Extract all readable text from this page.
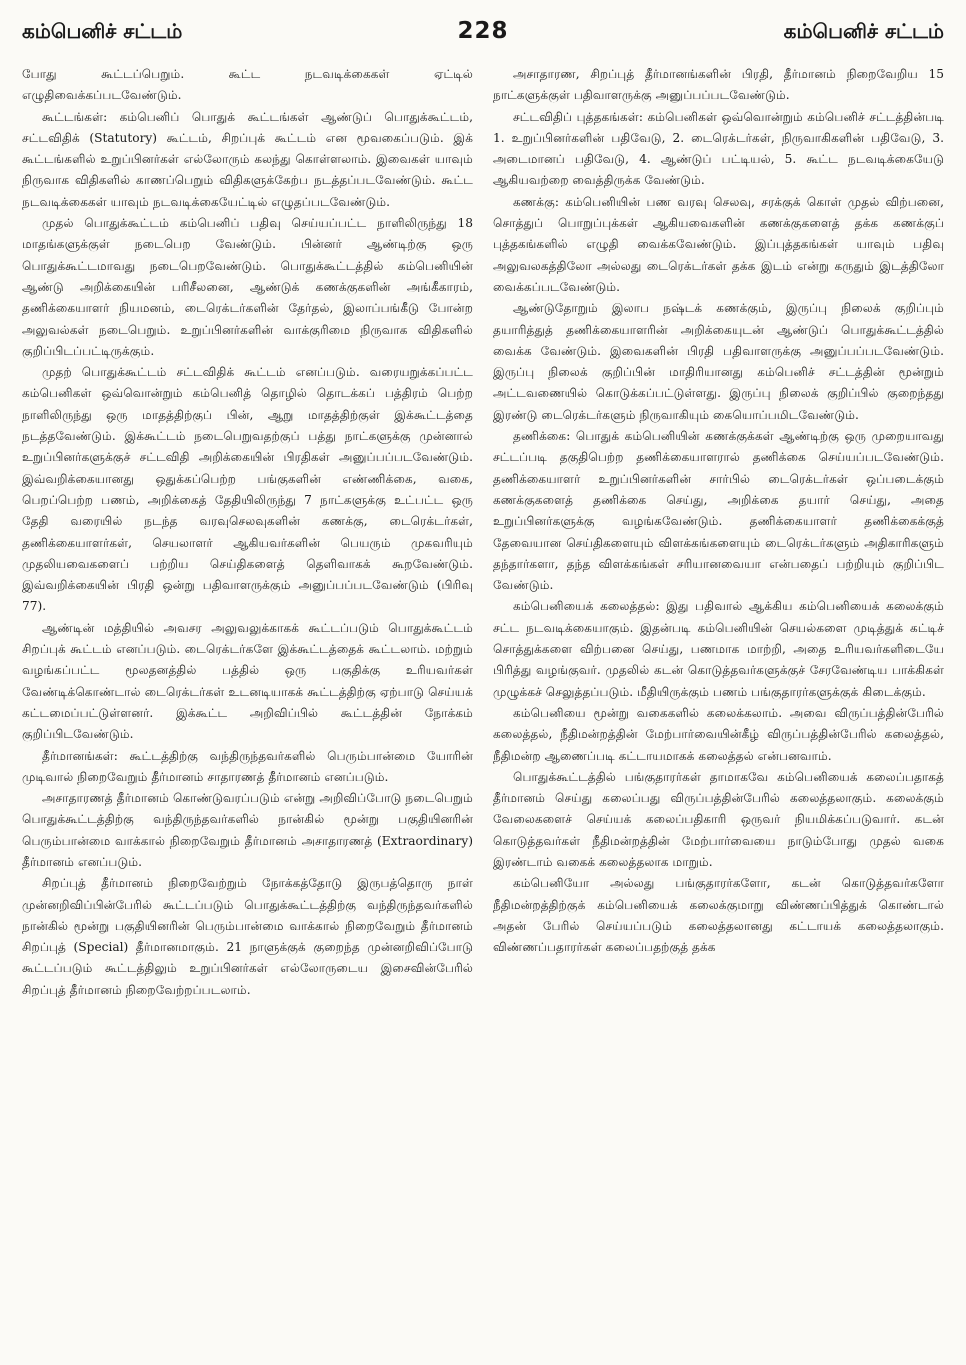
கம்பெனிச் சட்டம்	228	கம்பெனிச் சட்டம்

போது கூட்டப்பெறும். கூட்ட நடவடிக்கைகள் ஏட்டில் எழுதிவைக்கப்படவேண்டும்.

கூட்டங்கள்: கம்பெனிப் பொதுக் கூட்டங்கள் ஆண்டுப் பொதுக்கூட்டம், சட்டவிதிக் (Statutory) கூட்டம், சிறப்புக் கூட்டம் என மூவகைப்படும். இக் கூட்டங்களில் உறுப்பினர்கள் எல்லோரும் கலந்து கொள்ளலாம். இவைகள் யாவும் நிருவாக விதிகளில் காணப்பெறும் விதிகளுக்கேற்ப நடத்தப்படவேண்டும். கூட்ட நடவடிக்கைகள் யாவும் நடவடிக்கையேட்டில் எழுதப்படவேண்டும்.

முதல் பொதுக்கூட்டம் கம்பெனிப் பதிவு செய்யப்பட்ட நாளிலிருந்து 18 மாதங்களுக்குள் நடைபெற வேண்டும். பின்னர் ஆண்டிற்கு ஒரு பொதுக்கூட்டமாவது நடைபெறவேண்டும். பொதுக்கூட்டத்தில் கம்பெனியின் ஆண்டு அறிக்கையின் பரிசீலனை, ஆண்டுக் கணக்குகளின் அங்கீகாரம், தணிக்கையாளர் நியமனம், டைரெக்டர்களின் தேர்தல், இலாப்பங்கீடு போன்ற அலுவல்கள் நடைபெறும். உறுப்பினர்களின் வாக்குரிமை நிருவாக விதிகளில் குறிப்பிடப்பட்டிருக்கும்.

முதற் பொதுக்கூட்டம் சட்டவிதிக் கூட்டம் எனப்படும். வரையறுக்கப்பட்ட கம்பெனிகள் ஒவ்வொன்றும் கம்பெனித் தொழில் தொடக்கப் பத்திரம் பெற்ற நாளிலிருந்து ஒரு மாதத்திற்குப் பின், ஆறு மாதத்திற்குள் இக்கூட்டத்தை நடத்தவேண்டும். இக்கூட்டம் நடைபெறுவதற்குப் பத்து நாட்களுக்கு முன்னால் உறுப்பினர்களுக்குச் சட்டவிதி அறிக்கையின் பிரதிகள் அனுப்பப்படவேண்டும். இவ்வறிக்கையானது ஒதுக்கப்பெற்ற பங்குகளின் எண்ணிக்கை, வகை, பெறப்பெற்ற பணம், அறிக்கைத் தேதியிலிருந்து 7 நாட்களுக்கு உட்பட்ட ஒரு தேதி வரையில் நடந்த வரவுசெலவுகளின் கணக்கு, டைரெக்டர்கள், தணிக்கையாளர்கள், செயலாளர் ஆகியவர்களின் பெயரும் முகவரியும் முதலியவைகளைப் பற்றிய செய்திகளைத் தெளிவாகக் கூறவேண்டும். இவ்வறிக்கையின் பிரதி ஒன்று பதிவாளருக்கும் அனுப்பப்படவேண்டும் (பிரிவு 77).

ஆண்டின் மத்தியில் அவசர அலுவலுக்காகக் கூட்டப்படும் பொதுக்கூட்டம் சிறப்புக் கூட்டம் எனப்படும். டைரெக்டர்களே இக்கூட்டத்தைக் கூட்டலாம். மற்றும் வழங்கப்பட்ட மூலதனத்தில் பத்தில் ஒரு பகுதிக்கு உரியவர்கள் வேண்டிக்கொண்டால் டைரெக்டர்கள் உடனடியாகக் கூட்டத்திற்கு ஏற்பாடு செய்யக் கட்டமைப்பட்டுள்ளனர். இக்கூட்ட அறிவிப்பில் கூட்டத்தின் நோக்கம் குறிப்பிடவேண்டும்.

தீர்மானங்கள்: கூட்டத்திற்கு வந்திருந்தவர்களில் பெரும்பான்மை யோரின் முடிவால் நிறைவேறும் தீர்மானம் சாதாரணத் தீர்மானம் எனப்படும்.

அசாதாரணத் தீர்மானம் கொண்டுவரப்படும் என்று அறிவிப்போடு நடைபெறும் பொதுக்கூட்டத்திற்கு வந்திருந்தவர்களில் நான்கில் மூன்று பகுதியினரின் பெரும்பான்மை வாக்கால் நிறைவேறும் தீர்மானம் அசாதாரணத் (Extraordinary) தீர்மானம் எனப்படும்.

சிறப்புத் தீர்மானம் நிறைவேற்றும் நோக்கத்தோடு இருபத்தொரு நாள் முன்னறிவிப்பின்பேரில் கூட்டப்படும் பொதுக்கூட்டத்திற்கு வந்திருந்தவர்களில் நான்கில் மூன்று பகுதியினரின் பெரும்பான்மை வாக்கால் நிறைவேறும் தீர்மானம் சிறப்புத் (Special) தீர்மானமாகும். 21 நாளுக்குக் குறைந்த முன்னறிவிப்போடு கூட்டப்படும் கூட்டத்திலும் உறுப்பினர்கள் எல்லோருடைய இசைவின்பேரில் சிறப்புத் தீர்மானம் நிறைவேற்றப்படலாம்.

அசாதாரண, சிறப்புத் தீர்மானங்களின் பிரதி, தீர்மானம் நிறைவேறிய 15 நாட்களுக்குள் பதிவாளருக்கு அனுப்பப்படவேண்டும்.

சட்டவிதிப் புத்தகங்கள்: கம்பெனிகள் ஒவ்வொன்றும் கம்பெனிச் சட்டத்தின்படி 1. உறுப்பினர்களின் பதிவேடு, 2. டைரெக்டர்கள், நிருவாகிகளின் பதிவேடு, 3. அடைமானப் பதிவேடு, 4. ஆண்டுப் பட்டியல், 5. கூட்ட நடவடிக்கையேடு ஆகியவற்றை வைத்திருக்க வேண்டும்.

கணக்கு: கம்பெனியின் பண வரவு செலவு, சரக்குக் கொள் முதல் விற்பனை, சொத்துப் பொறுப்புக்கள் ஆகியவைகளின் கணக்குகளைத் தக்க கணக்குப் புத்தகங்களில் எழுதி வைக்கவேண்டும். இப்புத்தகங்கள் யாவும் பதிவு அலுவலகத்திலோ அல்லது டைரெக்டர்கள் தக்க இடம் என்று கருதும் இடத்திலோ வைக்கப்படவேண்டும்.

ஆண்டுதோறும் இலாப நஷ்டக் கணக்கும், இருப்பு நிலைக் குறிப்பும் தயாரித்துத் தணிக்கையாளரின் அறிக்கையுடன் ஆண்டுப் பொதுக்கூட்டத்தில் வைக்க வேண்டும். இவைகளின் பிரதி பதிவாளருக்கு அனுப்பப்படவேண்டும். இருப்பு நிலைக் குறிப்பின் மாதிரியானது கம்பெனிச் சட்டத்தின் மூன்றும் அட்டவணையில் கொடுக்கப்பட்டுள்ளது. இருப்பு நிலைக் குறிப்பில் குறைந்தது இரண்டு டைரெக்டர்களும் நிருவாகியும் கையொப்பமிடவேண்டும்.

தணிக்கை: பொதுக் கம்பெனியின் கணக்குக்கள் ஆண்டிற்கு ஒரு முறையாவது சட்டப்படி தகுதிபெற்ற தணிக்கையாளரால் தணிக்கை செய்யப்படவேண்டும். தணிக்கையாளர் உறுப்பினர்களின் சார்பில் டைரெக்டர்கள் ஒப்படைக்கும் கணக்குகளைத் தணிக்கை செய்து, அறிக்கை தயார் செய்து, அதை உறுப்பினர்களுக்கு வழங்கவேண்டும். தணிக்கையாளர் தணிக்கைக்குத் தேவையான செய்திகளையும் விளக்கங்களையும் டைரெக்டர்களும் அதிகாரிகளும் தந்தார்களா, தந்த விளக்கங்கள் சரியானவையா என்பதைப் பற்றியும் குறிப்பிட வேண்டும்.

கம்பெனியைக் கலைத்தல்: இது பதிவால் ஆக்கிய கம்பெனியைக் கலைக்கும் சட்ட நடவடிக்கையாகும். இதன்படி கம்பெனியின் செயல்களை முடித்துக் கட்டிச் சொத்துக்களை விற்பனை செய்து, பணமாக மாற்றி, அதை உரியவர்களிடையே பிரித்து வழங்குவர். முதலில் கடன் கொடுத்தவர்களுக்குச் சேரவேண்டிய பாக்கிகள் முழுக்கச் செலுத்தப்படும். மீதியிருக்கும் பணம் பங்குதாரர்களுக்குக் கிடைக்கும்.

கம்பெனியை மூன்று வகைகளில் கலைக்கலாம். அவை விருப்பத்தின்பேரில் கலைத்தல், நீதிமன்றத்தின் மேற்பார்வையின்கீழ் விருப்பத்தின்பேரில் கலைத்தல், நீதிமன்ற ஆணைப்படி கட்டாயமாகக் கலைத்தல் என்பனவாம்.

பொதுக்கூட்டத்தில் பங்குதாரர்கள் தாமாகவே கம்பெனியைக் கலைப்பதாகத் தீர்மானம் செய்து கலைப்பது விருப்பத்தின்பேரில் கலைத்தலாகும். கலைக்கும் வேலைகளைச் செய்யக் கலைப்பதிகாரி ஒருவர் நியமிக்கப்படுவார். கடன் கொடுத்தவர்கள் நீதிமன்றத்தின் மேற்பார்வையை நாடும்போது முதல் வகை இரண்டாம் வகைக் கலைத்தலாக மாறும்.

கம்பெனியோ அல்லது பங்குதாரர்களோ, கடன் கொடுத்தவர்களோ நீதிமன்றத்திற்குக் கம்பெனியைக் கலைக்குமாறு விண்ணப்பித்துக் கொண்டால் அதன் பேரில் செய்யப்படும் கலைத்தலானது கட்டாயக் கலைத்தலாகும். விண்ணப்பதாரர்கள் கலைப்பதற்குத் தக்க
